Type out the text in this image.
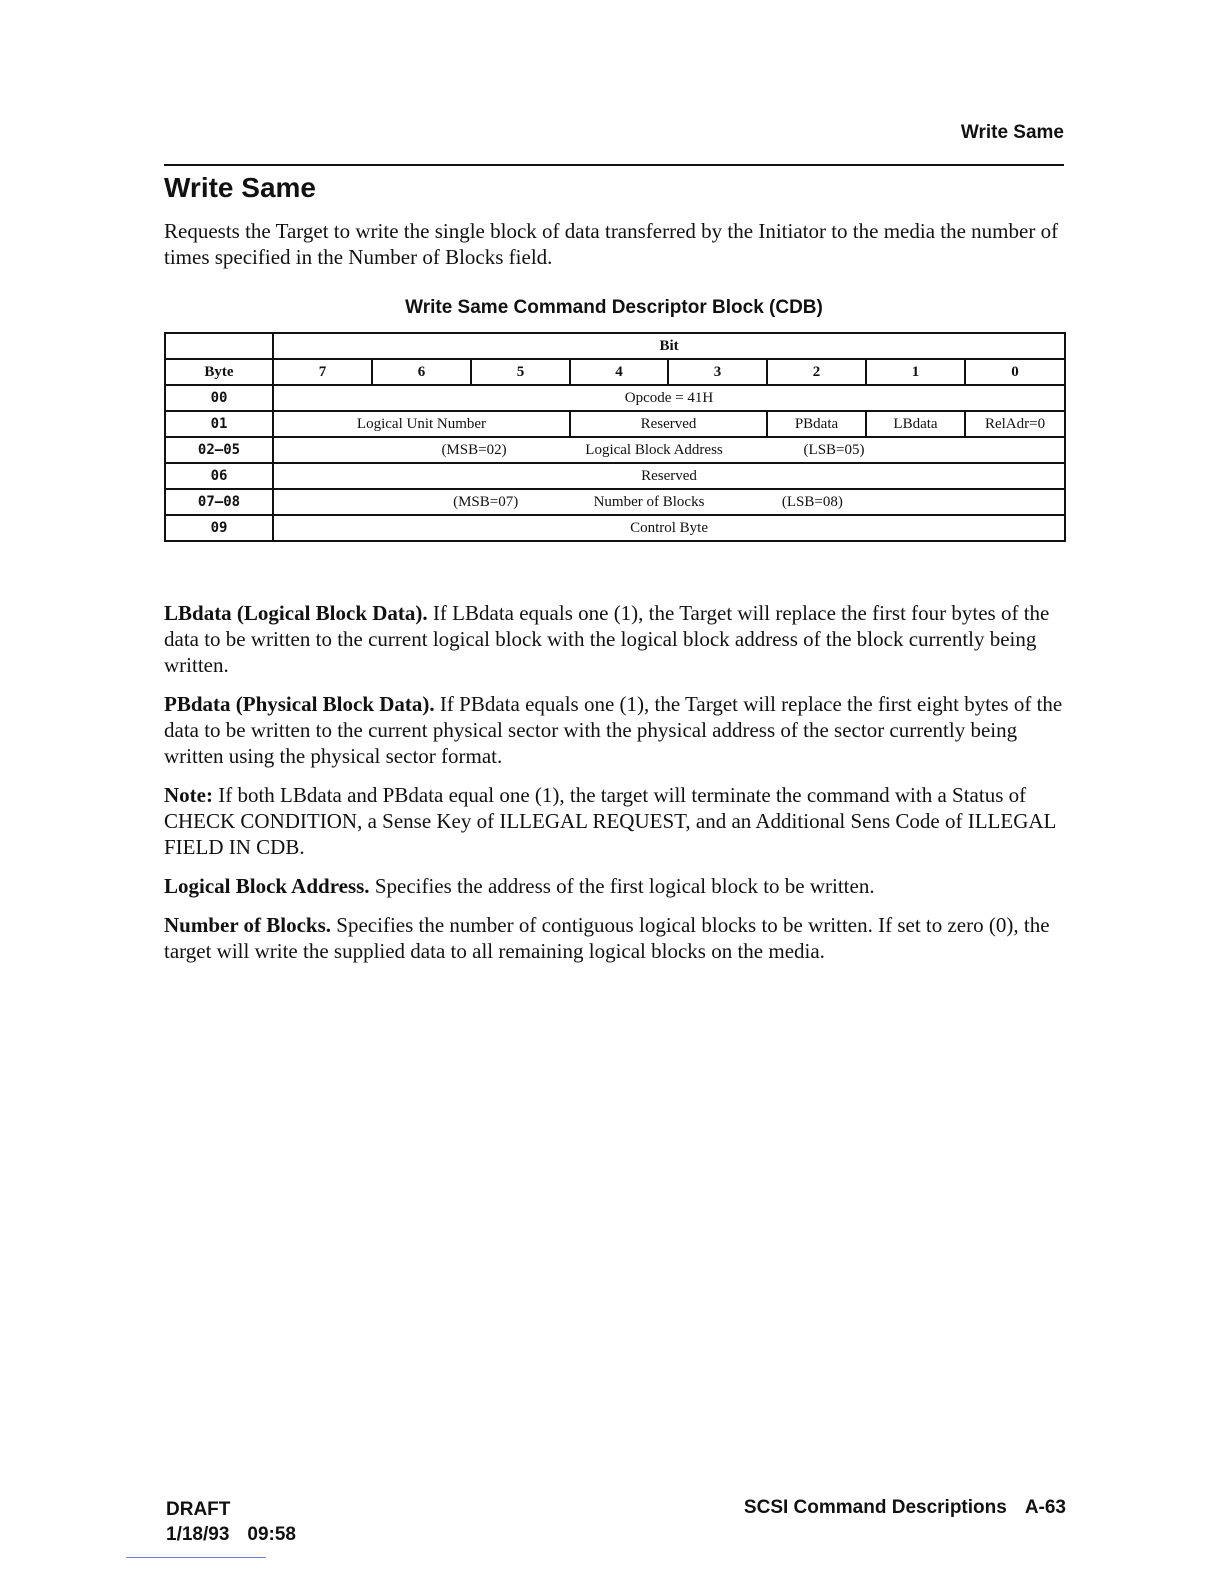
Write Same
Write Same

Requests the Target to write the single block of data transferred by the Initiator to the media the number of times specified in the Number of Blocks field.

Write Same Command Descriptor Block (CDB)
	Bit							
Byte	7	6	5	4	3	2	1	0
00	Opcode = 41H							
01	Logical Unit Number			Reserved		PBdata	LBdata	RelAdr=0
02—05	(MSB=02) Logical Block Address (LSB=05)							

06	Reserved							
07—08	(MSB=07) Number of Blocks (LSB=08)							

09	Control Byte							

LBdata (Logical Block Data). If LBdata equals one (1), the Target will replace the first four bytes of the data to be written to the current logical block with the logical block address of the block currently being written.

PBdata (Physical Block Data). If PBdata equals one (1), the Target will replace the first eight bytes of the data to be written to the current physical sector with the physical address of the sector currently being written using the physical sector format.

Note: If both LBdata and PBdata equal one (1), the target will terminate the command with a Status of CHECK CONDITION, a Sense Key of ILLEGAL REQUEST, and an Additional Sens Code of ILLEGAL FIELD IN CDB.

Logical Block Address. Specifies the address of the first logical block to be written.

Number of Blocks. Specifies the number of contiguous logical blocks to be written. If set to zero (0), the target will write the supplied data to all remaining logical blocks on the media.

DRAFT
1/18/93 09:58
SCSI Command Descriptions A-63
